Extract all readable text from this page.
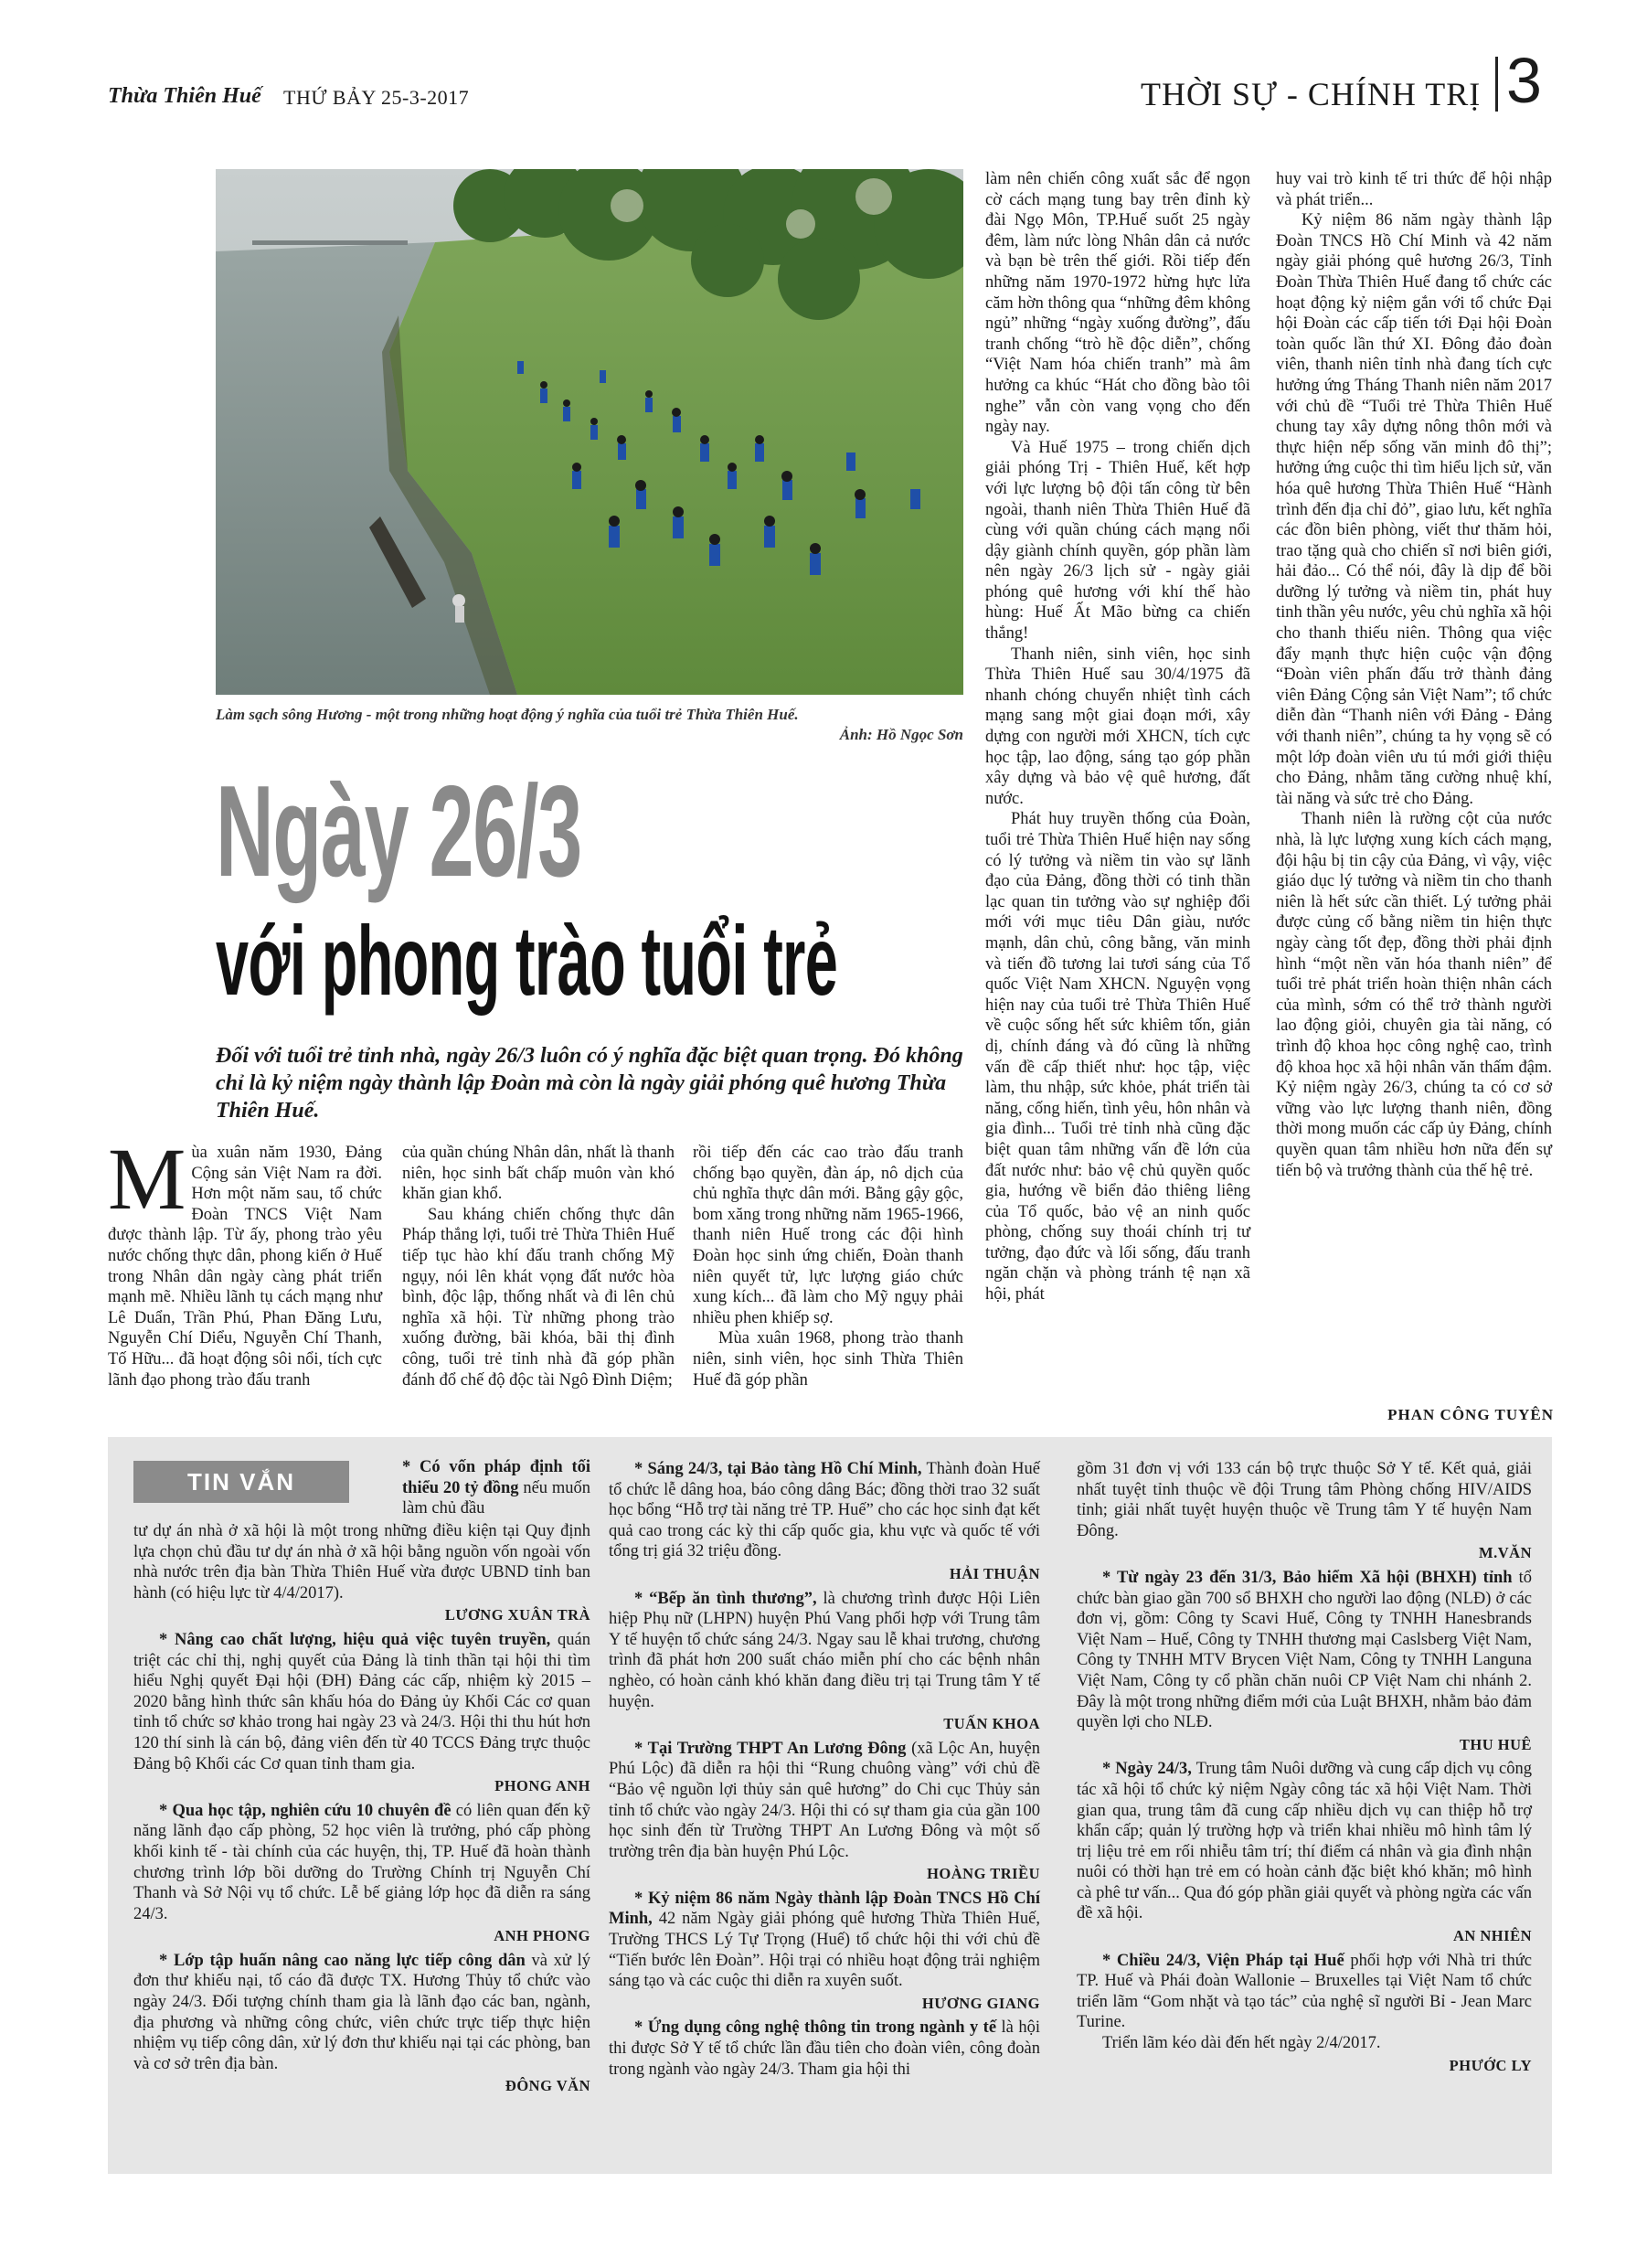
Thừa Thiên Huế THỨ BẢY 25-3-2017	THỜI SỰ - CHÍNH TRỊ 3
Làm sạch sông Hương - một trong những hoạt động ý nghĩa của tuổi trẻ Thừa Thiên Huế.
Ảnh: Hồ Ngọc Sơn
Ngày 26/3
với phong trào tuổi trẻ
Đối với tuổi trẻ tỉnh nhà, ngày 26/3 luôn có ý nghĩa đặc biệt quan trọng. Đó không chỉ là kỷ niệm ngày thành lập Đoàn mà còn là ngày giải phóng quê hương Thừa Thiên Huế.

Mùa xuân năm 1930, Đảng Cộng sản Việt Nam ra đời. Hơn một năm sau, tổ chức Đoàn TNCS Việt Nam được thành lập. Từ ấy, phong trào yêu nước chống thực dân, phong kiến ở Huế trong Nhân dân ngày càng phát triển mạnh mẽ. Nhiều lãnh tụ cách mạng như Lê Duẩn, Trần Phú, Phan Đăng Lưu, Nguyễn Chí Diểu, Nguyễn Chí Thanh, Tố Hữu... đã hoạt động sôi nổi, tích cực lãnh đạo phong trào đấu tranh

của quần chúng Nhân dân, nhất là thanh niên, học sinh bất chấp muôn vàn khó khăn gian khổ.

Sau kháng chiến chống thực dân Pháp thắng lợi, tuổi trẻ Thừa Thiên Huế tiếp tục hào khí đấu tranh chống Mỹ ngụy, nói lên khát vọng đất nước hòa bình, độc lập, thống nhất và đi lên chủ nghĩa xã hội. Từ những phong trào xuống đường, bãi khóa, bãi thị đình công, tuổi trẻ tỉnh nhà đã góp phần đánh đổ chế độ độc tài Ngô Đình Diệm;

rồi tiếp đến các cao trào đấu tranh chống bạo quyền, đàn áp, nô dịch của chủ nghĩa thực dân mới. Bằng gậy gộc, bom xăng trong những năm 1965-1966, thanh niên Huế trong các đội hình Đoàn học sinh ứng chiến, Đoàn thanh niên quyết tử, lực lượng giáo chức xung kích... đã làm cho Mỹ ngụy phải nhiều phen khiếp sợ.

Mùa xuân 1968, phong trào thanh niên, sinh viên, học sinh Thừa Thiên Huế đã góp phần

làm nên chiến công xuất sắc để ngọn cờ cách mạng tung bay trên đỉnh kỳ đài Ngọ Môn, TP.Huế suốt 25 ngày đêm, làm nức lòng Nhân dân cả nước và bạn bè trên thế giới. Rồi tiếp đến những năm 1970-1972 hừng hực lửa căm hờn thông qua “những đêm không ngủ” những “ngày xuống đường”, đấu tranh chống “trò hề độc diễn”, chống “Việt Nam hóa chiến tranh” mà âm hưởng ca khúc “Hát cho đồng bào tôi nghe” vẫn còn vang vọng cho đến ngày nay.

Và Huế 1975 – trong chiến dịch giải phóng Trị - Thiên Huế, kết hợp với lực lượng bộ đội tấn công từ bên ngoài, thanh niên Thừa Thiên Huế đã cùng với quần chúng cách mạng nổi dậy giành chính quyền, góp phần làm nên ngày 26/3 lịch sử - ngày giải phóng quê hương với khí thế hào hùng: Huế Ất Mão bừng ca chiến thắng!

Thanh niên, sinh viên, học sinh Thừa Thiên Huế sau 30/4/1975 đã nhanh chóng chuyển nhiệt tình cách mạng sang một giai đoạn mới, xây dựng con người mới XHCN, tích cực học tập, lao động, sáng tạo góp phần xây dựng và bảo vệ quê hương, đất nước.

Phát huy truyền thống của Đoàn, tuổi trẻ Thừa Thiên Huế hiện nay sống có lý tưởng và niềm tin vào sự lãnh đạo của Đảng, đồng thời có tinh thần lạc quan tin tưởng vào sự nghiệp đổi mới với mục tiêu Dân giàu, nước mạnh, dân chủ, công bằng, văn minh và tiến đồ tương lai tươi sáng của Tổ quốc Việt Nam XHCN. Nguyện vọng hiện nay của tuổi trẻ Thừa Thiên Huế về cuộc sống hết sức khiêm tốn, giản dị, chính đáng và đó cũng là những vấn đề cấp thiết như: học tập, việc làm, thu nhập, sức khỏe, phát triển tài năng, cống hiến, tình yêu, hôn nhân và gia đình... Tuổi trẻ tỉnh nhà cũng đặc biệt quan tâm những vấn đề lớn của đất nước như: bảo vệ chủ quyền quốc gia, hướng về biển đảo thiêng liêng của Tổ quốc, bảo vệ an ninh quốc phòng, chống suy thoái chính trị tư tưởng, đạo đức và lối sống, đấu tranh ngăn chặn và phòng tránh tệ nạn xã hội, phát

huy vai trò kinh tế tri thức để hội nhập và phát triển...

Kỷ niệm 86 năm ngày thành lập Đoàn TNCS Hồ Chí Minh và 42 năm ngày giải phóng quê hương 26/3, Tỉnh Đoàn Thừa Thiên Huế đang tổ chức các hoạt động kỷ niệm gắn với tổ chức Đại hội Đoàn các cấp tiến tới Đại hội Đoàn toàn quốc lần thứ XI. Đông đảo đoàn viên, thanh niên tỉnh nhà đang tích cực hưởng ứng Tháng Thanh niên năm 2017 với chủ đề “Tuổi trẻ Thừa Thiên Huế chung tay xây dựng nông thôn mới và thực hiện nếp sống văn minh đô thị”; hưởng ứng cuộc thi tìm hiểu lịch sử, văn hóa quê hương Thừa Thiên Huế “Hành trình đến địa chỉ đỏ”, giao lưu, kết nghĩa các đồn biên phòng, viết thư thăm hỏi, trao tặng quà cho chiến sĩ nơi biên giới, hải đảo... Có thể nói, đây là dịp để bồi dưỡng lý tưởng và niềm tin, phát huy tinh thần yêu nước, yêu chủ nghĩa xã hội cho thanh thiếu niên. Thông qua việc đẩy mạnh thực hiện cuộc vận động “Đoàn viên phấn đấu trở thành đảng viên Đảng Cộng sản Việt Nam”; tổ chức diễn đàn “Thanh niên với Đảng - Đảng với thanh niên”, chúng ta hy vọng sẽ có một lớp đoàn viên ưu tú mới giới thiệu cho Đảng, nhằm tăng cường nhuệ khí, tài năng và sức trẻ cho Đảng.

Thanh niên là rường cột của nước nhà, là lực lượng xung kích cách mạng, đội hậu bị tin cậy của Đảng, vì vậy, việc giáo dục lý tưởng và niềm tin cho thanh niên là hết sức cần thiết. Lý tưởng phải được củng cố bằng niềm tin hiện thực ngày càng tốt đẹp, đồng thời phải định hình “một nền văn hóa thanh niên” để tuổi trẻ phát triển hoàn thiện nhân cách của mình, sớm có thể trở thành người lao động giỏi, chuyên gia tài năng, có trình độ khoa học công nghệ cao, trình độ khoa học xã hội nhân văn thấm đậm. Kỷ niệm ngày 26/3, chúng ta có cơ sở vững vào lực lượng thanh niên, đồng thời mong muốn các cấp ủy Đảng, chính quyền quan tâm nhiều hơn nữa đến sự tiến bộ và trưởng thành của thế hệ trẻ.

PHAN CÔNG TUYÊN
TIN VẮN

* Có vốn pháp định tối thiểu 20 tỷ đồng nếu muốn làm chủ đầu

tư dự án nhà ở xã hội là một trong những điều kiện tại Quy định lựa chọn chủ đầu tư dự án nhà ở xã hội bằng nguồn vốn ngoài vốn nhà nước trên địa bàn Thừa Thiên Huế vừa được UBND tỉnh ban hành (có hiệu lực từ 4/4/2017).

LƯƠNG XUÂN TRÀ

* Nâng cao chất lượng, hiệu quả việc tuyên truyền, quán triệt các chỉ thị, nghị quyết của Đảng là tinh thần tại hội thi tìm hiểu Nghị quyết Đại hội (ĐH) Đảng các cấp, nhiệm kỳ 2015 – 2020 bằng hình thức sân khấu hóa do Đảng ủy Khối Các cơ quan tỉnh tổ chức sơ khảo trong hai ngày 23 và 24/3. Hội thi thu hút hơn 120 thí sinh là cán bộ, đảng viên đến từ 40 TCCS Đảng trực thuộc Đảng bộ Khối các Cơ quan tỉnh tham gia.

PHONG ANH

* Qua học tập, nghiên cứu 10 chuyên đề có liên quan đến kỹ năng lãnh đạo cấp phòng, 52 học viên là trưởng, phó cấp phòng khối kinh tế - tài chính của các huyện, thị, TP. Huế đã hoàn thành chương trình lớp bồi dưỡng do Trường Chính trị Nguyễn Chí Thanh và Sở Nội vụ tổ chức. Lễ bế giảng lớp học đã diễn ra sáng 24/3.

ANH PHONG

* Lớp tập huấn nâng cao năng lực tiếp công dân và xử lý đơn thư khiếu nại, tố cáo đã được TX. Hương Thủy tổ chức vào ngày 24/3. Đối tượng chính tham gia là lãnh đạo các ban, ngành, địa phương và những công chức, viên chức trực tiếp thực hiện nhiệm vụ tiếp công dân, xử lý đơn thư khiếu nại tại các phòng, ban và cơ sở trên địa bàn.

ĐÔNG VĂN

* Sáng 24/3, tại Bảo tàng Hồ Chí Minh, Thành đoàn Huế tổ chức lễ dâng hoa, báo công dâng Bác; đồng thời trao 32 suất học bổng “Hỗ trợ tài năng trẻ TP. Huế” cho các học sinh đạt kết quả cao trong các kỳ thi cấp quốc gia, khu vực và quốc tế với tổng trị giá 32 triệu đồng.

HẢI THUẬN

* “Bếp ăn tình thương”, là chương trình được Hội Liên hiệp Phụ nữ (LHPN) huyện Phú Vang phối hợp với Trung tâm Y tế huyện tổ chức sáng 24/3. Ngay sau lễ khai trương, chương trình đã phát hơn 200 suất cháo miễn phí cho các bệnh nhân nghèo, có hoàn cảnh khó khăn đang điều trị tại Trung tâm Y tế huyện.

TUẤN KHOA

* Tại Trường THPT An Lương Đông (xã Lộc An, huyện Phú Lộc) đã diễn ra hội thi “Rung chuông vàng” với chủ đề “Bảo vệ nguồn lợi thủy sản quê hương” do Chi cục Thủy sản tỉnh tổ chức vào ngày 24/3. Hội thi có sự tham gia của gần 100 học sinh đến từ Trường THPT An Lương Đông và một số trường trên địa bàn huyện Phú Lộc.

HOÀNG TRIỀU

* Kỷ niệm 86 năm Ngày thành lập Đoàn TNCS Hồ Chí Minh, 42 năm Ngày giải phóng quê hương Thừa Thiên Huế, Trường THCS Lý Tự Trọng (Huế) tổ chức hội thi với chủ đề “Tiến bước lên Đoàn”. Hội trại có nhiều hoạt động trải nghiệm sáng tạo và các cuộc thi diễn ra xuyên suốt.

HƯƠNG GIANG

* Ứng dụng công nghệ thông tin trong ngành y tế là hội thi được Sở Y tế tổ chức lần đầu tiên cho đoàn viên, công đoàn trong ngành vào ngày 24/3. Tham gia hội thi

gồm 31 đơn vị với 133 cán bộ trực thuộc Sở Y tế. Kết quả, giải nhất tuyệt tỉnh thuộc về đội Trung tâm Phòng chống HIV/AIDS tỉnh; giải nhất tuyệt huyện thuộc về Trung tâm Y tế huyện Nam Đông.

M.VĂN

* Từ ngày 23 đến 31/3, Bảo hiểm Xã hội (BHXH) tỉnh tổ chức bàn giao gần 700 sổ BHXH cho người lao động (NLĐ) ở các đơn vị, gồm: Công ty Scavi Huế, Công ty TNHH Hanesbrands Việt Nam – Huế, Công ty TNHH thương mại Caslsberg Việt Nam, Công ty TNHH MTV Brycen Việt Nam, Công ty TNHH Languna Việt Nam, Công ty cổ phần chăn nuôi CP Việt Nam chi nhánh 2. Đây là một trong những điểm mới của Luật BHXH, nhằm bảo đảm quyền lợi cho NLĐ.

THU HUÊ

* Ngày 24/3, Trung tâm Nuôi dưỡng và cung cấp dịch vụ công tác xã hội tổ chức kỷ niệm Ngày công tác xã hội Việt Nam. Thời gian qua, trung tâm đã cung cấp nhiều dịch vụ can thiệp hỗ trợ khẩn cấp; quản lý trường hợp và triển khai nhiều mô hình tâm lý trị liệu trẻ em rối nhiễu tâm trí; thí điểm cá nhân và gia đình nhận nuôi có thời hạn trẻ em có hoàn cảnh đặc biệt khó khăn; mô hình cà phê tư vấn... Qua đó góp phần giải quyết và phòng ngừa các vấn đề xã hội.

AN NHIÊN

* Chiều 24/3, Viện Pháp tại Huế phối hợp với Nhà tri thức TP. Huế và Phái đoàn Wallonie – Bruxelles tại Việt Nam tổ chức triển lãm “Gom nhặt và tạo tác” của nghệ sĩ người Bỉ - Jean Marc Turine.

Triển lãm kéo dài đến hết ngày 2/4/2017.

PHƯỚC LY
